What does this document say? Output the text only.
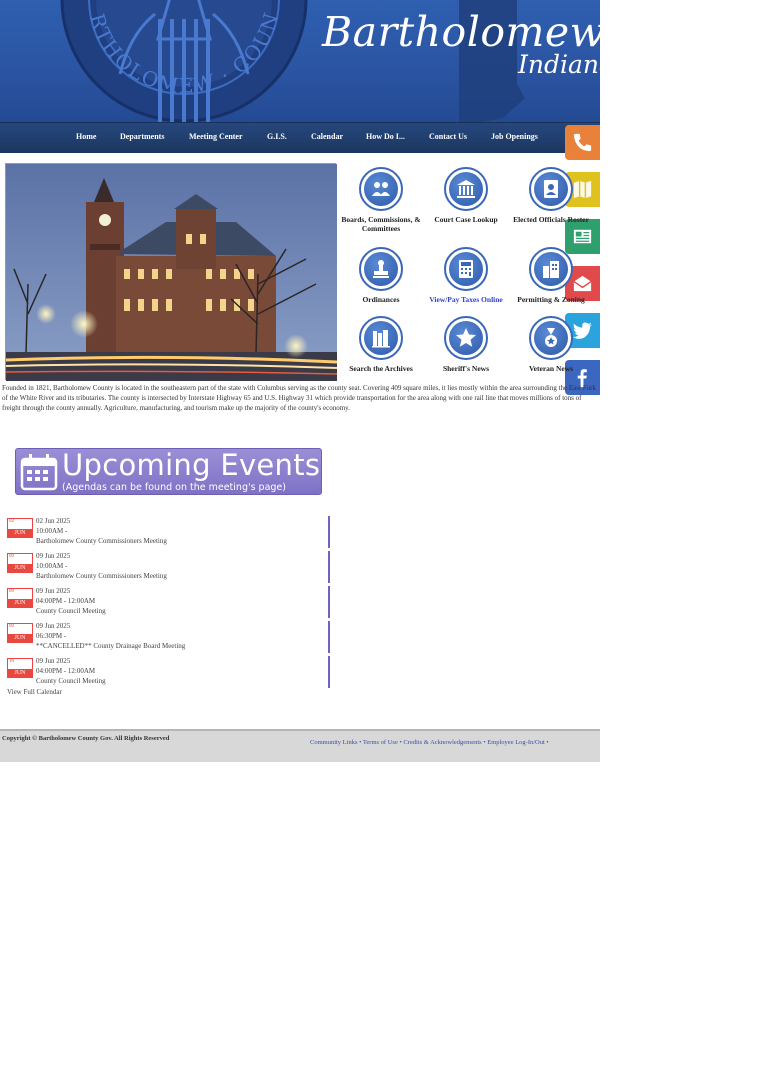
RTHOLOMEW · COUN Bartholomew County
Indiana
Home	Departments	Meeting Center	G.I.S.	Calendar	How Do I...	Contact Us	Job Openings
Boards, Commissions, & Committees
Court Case Lookup	Elected Officials Roster
Ordinances	View/Pay Taxes Online	Permitting & Zoning
Search the Archives	Sheriff's News	Veteran News
Founded in 1821, Bartholomew County is located in the southeastern part of the state with Columbus serving as the county seat. Covering 409 square miles, it lies mostly within the area surrounding the East Fork of the White River and its tributaries. The county is intersected by Interstate Highway 65 and U.S. Highway 31 which provide transportation for the area along with one rail line that moves millions of tons of freight through the county annually. Agriculture, manufacturing, and tourism make up the majority of the county's economy.
Upcoming Events
(Agendas can be found on the meeting's page)
02
JUN
02 Jun 2025
10:00AM -
Bartholomew County Commissioners Meeting
09
JUN
09 Jun 2025
10:00AM -
Bartholomew County Commissioners Meeting
09
JUN
09 Jun 2025
04:00PM - 12:00AM
County Council Meeting
09
JUN
09 Jun 2025
06:30PM -
**CANCELLED** County Drainage Board Meeting
10
JUN
09 Jun 2025
04:00PM - 12:00AM
County Council Meeting
View Full Calendar
Copyright © Bartholomew County Gov. All Rights Reserved
Community Links • Terms of Use • Credits & Acknowledgements • Employee Log-In/Out •
